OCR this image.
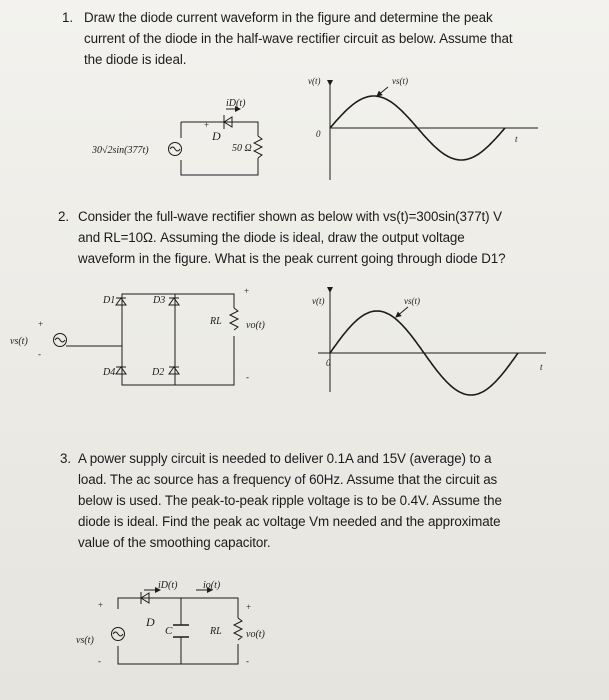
1. Draw the diode current waveform in the figure and determine the peak
current of the diode in the half-wave rectifier circuit as below. Assume that
the diode is ideal.
2. Consider the full-wave rectifier shown as below with vs(t)=300sin(377t) V
and RL=10Ω. Assuming the diode is ideal, draw the output voltage
waveform in the figure. What is the peak current going through diode D1?
3. A power supply circuit is needed to deliver 0.1A and 15V (average) to a
load. The ac source has a frequency of 60Hz. Assume that the circuit as
below is used. The peak-to-peak ripple voltage is to be 0.4V. Assume the
diode is ideal. Find the peak ac voltage Vm needed and the approximate
value of the smoothing capacitor.
iD(t)
+
D
50 Ω
30√2sin(377t)
v(t)	vs(t)
0	t
D1	D3
D4	D2
vs(t)
+
-
RL vo(t)
+
-
v(t)	vs(t)
0	t
iD(t)	io(t)
D
C	RL vo(t)
vs(t)
+
-
+
-
